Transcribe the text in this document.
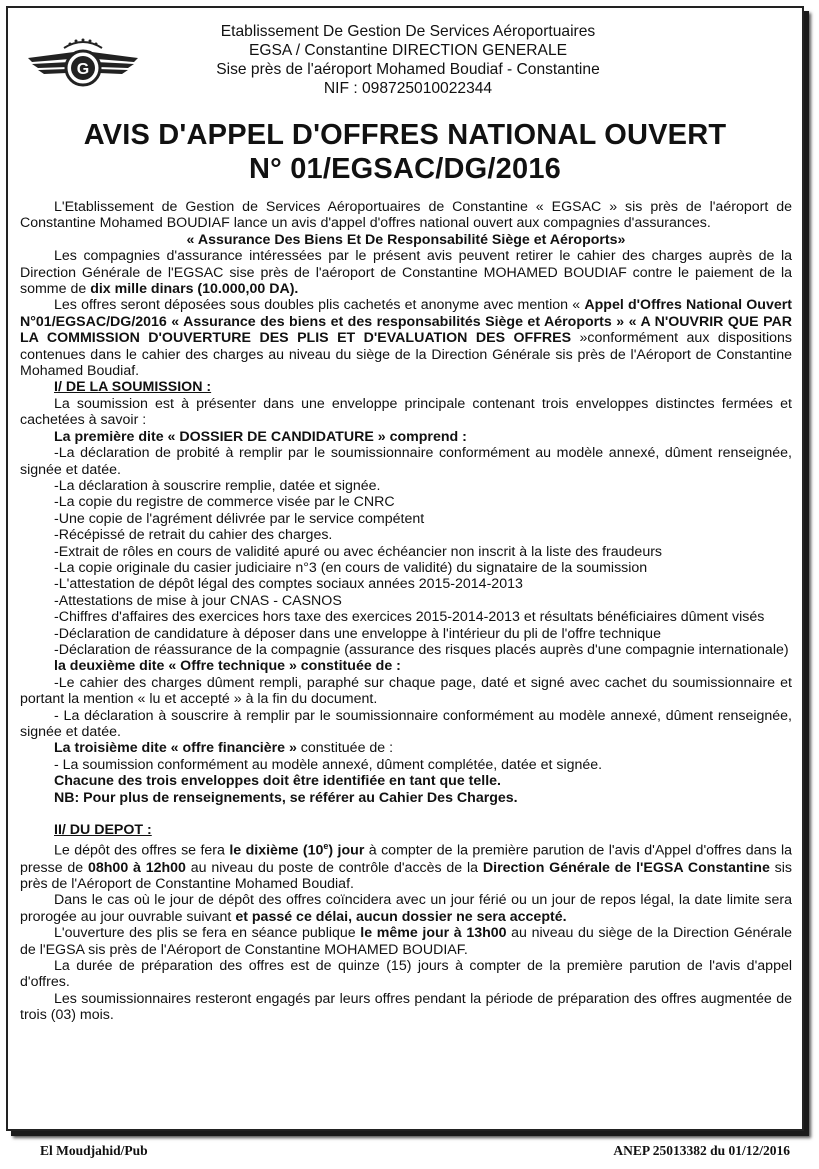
G
Etablissement De Gestion De Services Aéroportuaires
EGSA / Constantine DIRECTION GENERALE
Sise près de l'aéroport Mohamed Boudiaf - Constantine
NIF : 098725010022344
AVIS D'APPEL D'OFFRES NATIONAL OUVERT
N° 01/EGSAC/DG/2016

L'Etablissement de Gestion de Services Aéroportuaires de Constantine « EGSAC » sis près de l'aéroport de Constantine Mohamed BOUDIAF lance un avis d'appel d'offres national ouvert aux compagnies d'assurances.

« Assurance Des Biens Et De Responsabilité Siège et Aéroports»

Les compagnies d'assurance intéressées par le présent avis peuvent retirer le cahier des charges auprès de la Direction Générale de l'EGSAC sise près de l'aéroport de Constantine MOHAMED BOUDIAF contre le paiement de la somme de dix mille dinars (10.000,00 DA).

Les offres seront déposées sous doubles plis cachetés et anonyme avec mention « Appel d'Offres National Ouvert N°01/EGSAC/DG/2016 « Assurance des biens et des responsabilités Siège et Aéroports » « A N'OUVRIR QUE PAR LA COMMISSION D'OUVERTURE DES PLIS ET D'EVALUATION DES OFFRES »conformément aux dispositions contenues dans le cahier des charges au niveau du siège de la Direction Générale sis près de l'Aéroport de Constantine Mohamed Boudiaf.

I/ DE LA SOUMISSION :

La soumission est à présenter dans une enveloppe principale contenant trois enveloppes distinctes fermées et cachetées à savoir :

La première dite « DOSSIER DE CANDIDATURE » comprend :

-La déclaration de probité à remplir par le soumissionnaire conformément au modèle annexé, dûment renseignée, signée et datée.

-La déclaration à souscrire remplie, datée et signée.

-La copie du registre de commerce visée par le CNRC

-Une copie de l'agrément délivrée par le service compétent

-Récépissé de retrait du cahier des charges.

-Extrait de rôles en cours de validité apuré ou avec échéancier non inscrit à la liste des fraudeurs

-La copie originale du casier judiciaire n°3 (en cours de validité) du signataire de la soumission

-L'attestation de dépôt légal des comptes sociaux années 2015-2014-2013

-Attestations de mise à jour CNAS - CASNOS

-Chiffres d'affaires des exercices hors taxe des exercices 2015-2014-2013 et résultats bénéficiaires dûment visés

-Déclaration de candidature à déposer dans une enveloppe à l'intérieur du pli de l'offre technique

-Déclaration de réassurance de la compagnie (assurance des risques placés auprès d'une compagnie internationale)

la deuxième dite « Offre technique » constituée de :

-Le cahier des charges dûment rempli, paraphé sur chaque page, daté et signé avec cachet du soumissionnaire et portant la mention « lu et accepté » à la fin du document.

- La déclaration à souscrire à remplir par le soumissionnaire conformément au modèle annexé, dûment renseignée, signée et datée.

La troisième dite « offre financière » constituée de :

- La soumission conformément au modèle annexé, dûment complétée, datée et signée.

Chacune des trois enveloppes doit être identifiée en tant que telle.

NB: Pour plus de renseignements, se référer au Cahier Des Charges.

II/ DU DEPOT :

Le dépôt des offres se fera le dixième (10e) jour à compter de la première parution de l'avis d'Appel d'offres dans la presse de 08h00 à 12h00 au niveau du poste de contrôle d'accès de la Direction Générale de l'EGSA Constantine sis près de l'Aéroport de Constantine Mohamed Boudiaf.

Dans le cas où le jour de dépôt des offres coïncidera avec un jour férié ou un jour de repos légal, la date limite sera prorogée au jour ouvrable suivant et passé ce délai, aucun dossier ne sera accepté.

L'ouverture des plis se fera en séance publique le même jour à 13h00 au niveau du siège de la Direction Générale de l'EGSA sis près de l'Aéroport de Constantine MOHAMED BOUDIAF.

La durée de préparation des offres est de quinze (15) jours à compter de la première parution de l'avis d'appel d'offres.

Les soumissionnaires resteront engagés par leurs offres pendant la période de préparation des offres augmentée de trois (03) mois.

El Moudjahid/Pub	ANEP 25013382 du 01/12/2016
